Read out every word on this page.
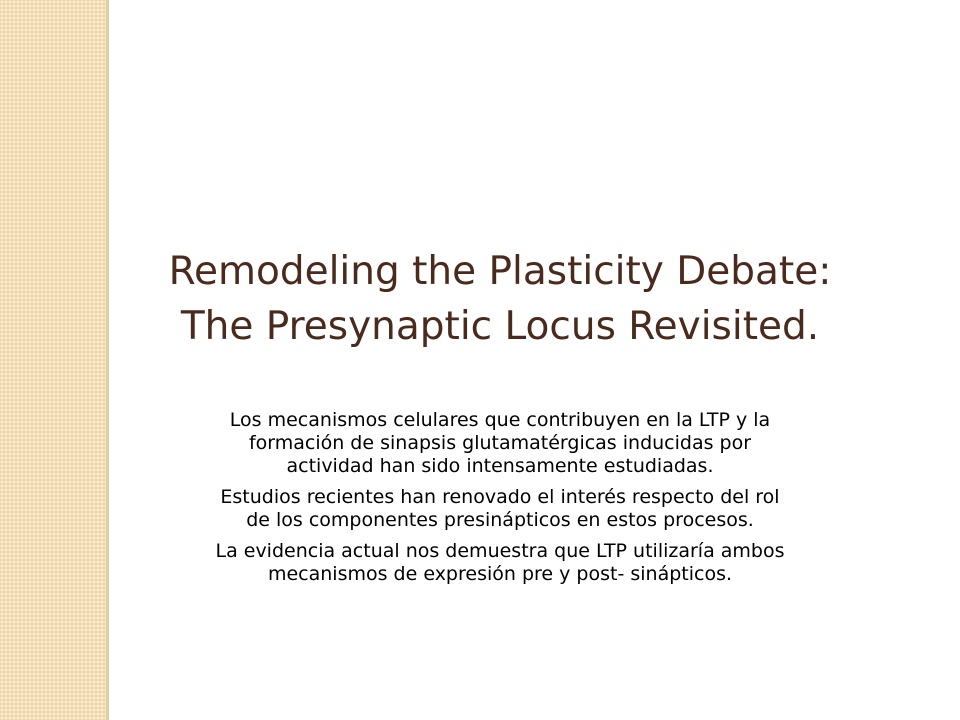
Remodeling the Plasticity Debate:
The Presynaptic Locus Revisited.

Los mecanismos celulares que contribuyen en la LTP y la
formación de sinapsis glutamatérgicas inducidas por
actividad han sido intensamente estudiadas.

Estudios recientes han renovado el interés respecto del rol
de los componentes presinápticos en estos procesos.

La evidencia actual nos demuestra que LTP utilizaría ambos
mecanismos de expresión pre y post- sinápticos.
